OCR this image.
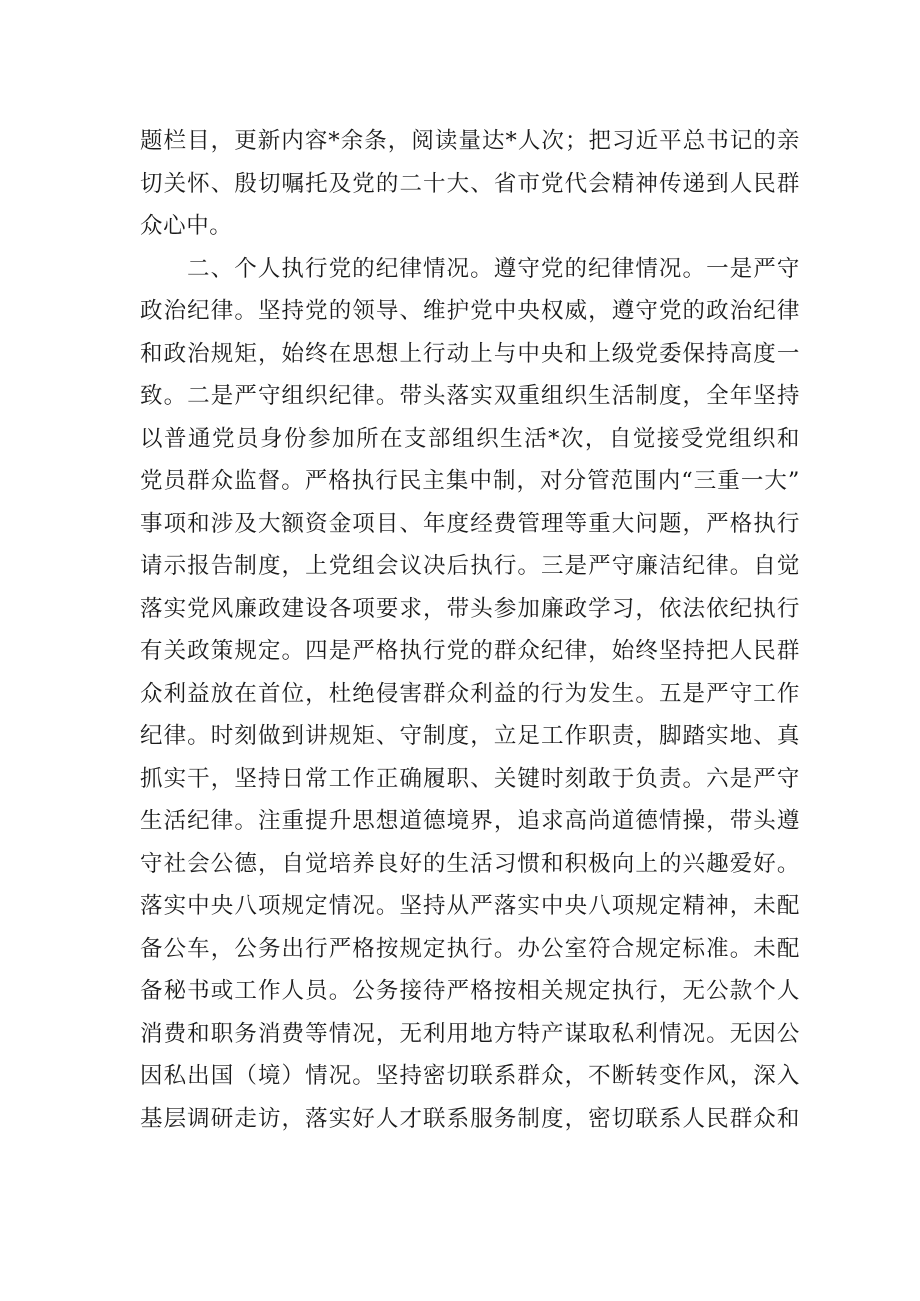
题栏目，更新内容*余条，阅读量达*人次；把习近平总书记的亲
切关怀、殷切嘱托及党的二十大、省市党代会精神传递到人民群
众心中。
二、个人执行党的纪律情况。遵守党的纪律情况。一是严守
政治纪律。坚持党的领导、维护党中央权威，遵守党的政治纪律
和政治规矩，始终在思想上行动上与中央和上级党委保持高度一
致。二是严守组织纪律。带头落实双重组织生活制度，全年坚持
以普通党员身份参加所在支部组织生活*次，自觉接受党组织和
党员群众监督。严格执行民主集中制，对分管范围内“三重一大”
事项和涉及大额资金项目、年度经费管理等重大问题，严格执行
请示报告制度，上党组会议决后执行。三是严守廉洁纪律。自觉
落实党风廉政建设各项要求，带头参加廉政学习，依法依纪执行
有关政策规定。四是严格执行党的群众纪律，始终坚持把人民群
众利益放在首位，杜绝侵害群众利益的行为发生。五是严守工作
纪律。时刻做到讲规矩、守制度，立足工作职责，脚踏实地、真
抓实干，坚持日常工作正确履职、关键时刻敢于负责。六是严守
生活纪律。注重提升思想道德境界，追求高尚道德情操，带头遵
守社会公德，自觉培养良好的生活习惯和积极向上的兴趣爱好。
落实中央八项规定情况。坚持从严落实中央八项规定精神，未配
备公车，公务出行严格按规定执行。办公室符合规定标准。未配
备秘书或工作人员。公务接待严格按相关规定执行，无公款个人
消费和职务消费等情况，无利用地方特产谋取私利情况。无因公
因私出国（境）情况。坚持密切联系群众，不断转变作风，深入
基层调研走访，落实好人才联系服务制度，密切联系人民群众和
